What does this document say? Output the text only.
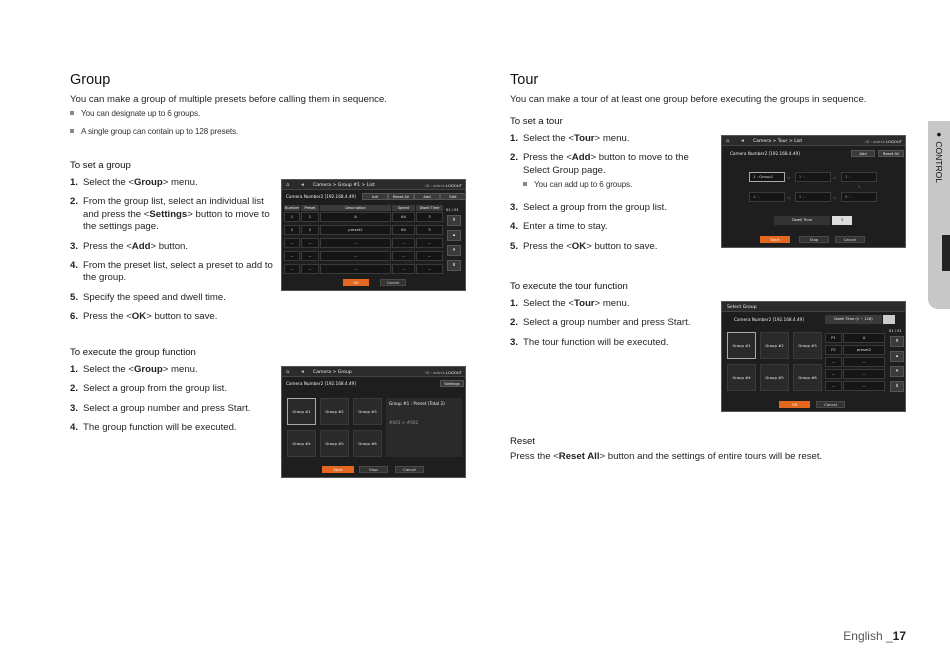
Group
You can make a group of multiple presets before calling them in sequence.
You can designate up to 6 groups.
A single group can contain up to 128 presets.
To set a group
1. Select the <Group> menu.
2. From the group list, select an individual list and press the <Settings> button to move to the settings page.
3. Press the <Add> button.
4. From the preset list, select a preset to add to the group.
5. Specify the speed and dwell time.
6. Press the <OK> button to save.
To execute the group function
1. Select the <Group> menu.
2. Select a group from the group list.
3. Select a group number and press Start.
4. The group function will be executed.
⌂ ◂ Camera > Group #1 > List	ID : admin LOGOUT
Camera Number2 [192.168.4.49]	Init	Reset All	Add	Edit
Number	Preset	Description	Speed	Dwell Time
1	1	A	64	3
2	2	preset2	64	3
--	--	--	--	--
--	--	--	--	--
--	--	--	--	--
01 / 01
⇞
▴
▾
⇟
OK	Cancel
⌂ ◂ Camera > Group	ID : admin LOGOUT
Camera Number2 [192.168.4.49]	Settings
Group #1	Group #2	Group #3
Group #4	Group #5	Group #6
Group #1 : Preset (Total 2)
#001 > #002
Start	Stop	Cancel
Tour
You can make a tour of at least one group before executing the groups in sequence.
To set a tour
1. Select the <Tour> menu.
2. Press the <Add> button to move to the Select Group page.
You can add up to 6 groups.
3. Select a group from the group list.
4. Enter a time to stay.
5. Press the <OK> button to save.
To execute the tour function
1. Select the <Tour> menu.
2. Select a group number and press Start.
3. The tour function will be executed.
Reset
Press the <Reset All> button and the settings of entire tours will be reset.
⌂ ◂ Camera > Tour > List	ID : admin LOGOUT
Camera Number2 [192.168.4.49]	Add	Reset All
1 : Group1	⇨	2 : -	⇨	3 : -
⇩
4 : -	⇦	5 : -	⇦	6 : -
Dwell Time	3
Start	Stop	Cancel
Select Group
Camera Number2 [192.168.4.49]	Dwell Time (1 ~ 128)
Group #1	Group #2	Group #3
Group #4	Group #5	Group #6
P1	A
P2	preset2
--	--
--	--
--	--
01 / 01
⇞
▴
▾
⇟
OK	Cancel
● CONTROL
English _17
